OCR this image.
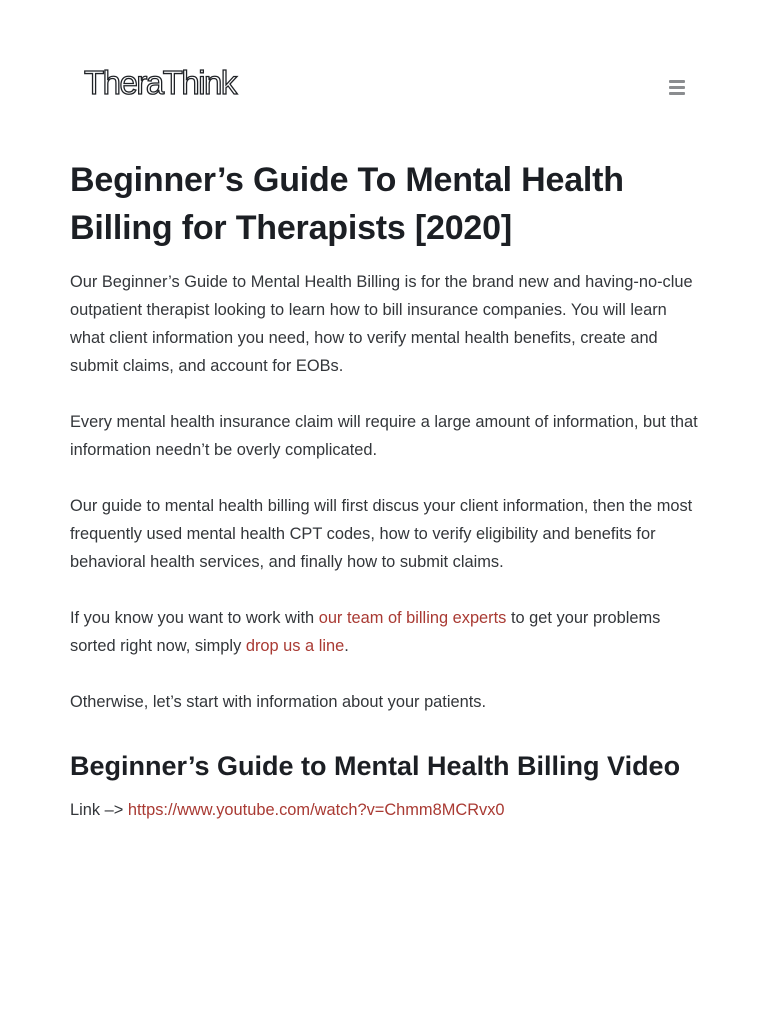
TheraThink
Beginner’s Guide To Mental Health Billing for Therapists [2020]

Our Beginner’s Guide to Mental Health Billing is for the brand new and having-no-clue outpatient therapist looking to learn how to bill insurance companies. You will learn what client information you need, how to verify mental health benefits, create and submit claims, and account for EOBs.

Every mental health insurance claim will require a large amount of information, but that information needn’t be overly complicated.

Our guide to mental health billing will first discus your client information, then the most frequently used mental health CPT codes, how to verify eligibility and benefits for behavioral health services, and finally how to submit claims.

If you know you want to work with our team of billing experts to get your problems sorted right now, simply drop us a line.

Otherwise, let’s start with information about your patients.

Beginner’s Guide to Mental Health Billing Video

Link –> https://www.youtube.com/watch?v=Chmm8MCRvx0
